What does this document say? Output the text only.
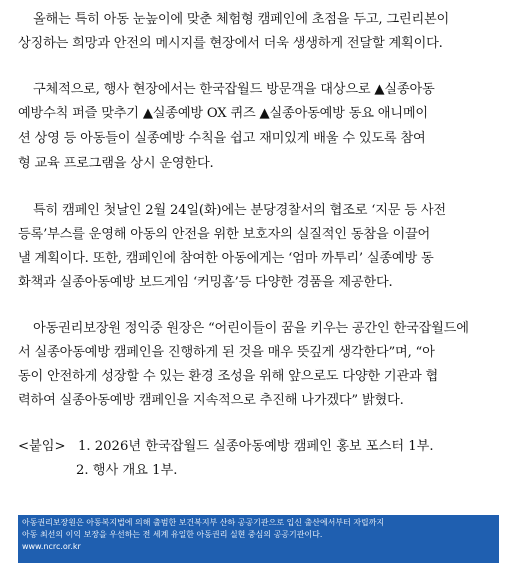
올해는 특히 아동 눈높이에 맞춘 체험형 캠페인에 초점을 두고, 그린리본이
상징하는 희망과 안전의 메시지를 현장에서 더욱 생생하게 전달할 계획이다.
구체적으로, 행사 현장에서는 한국잡월드 방문객을 대상으로 ▲실종아동
예방수칙 퍼즐 맞추기 ▲실종예방 OX 퀴즈 ▲실종아동예방 동요 애니메이
션 상영 등 아동들이 실종예방 수칙을 쉽고 재미있게 배울 수 있도록 참여
형 교육 프로그램을 상시 운영한다.
특히 캠페인 첫날인 2월 24일(화)에는 분당경찰서의 협조로 ‘지문 등 사전
등록’부스를 운영해 아동의 안전을 위한 보호자의 실질적인 동참을 이끌어
낼 계획이다. 또한, 캠페인에 참여한 아동에게는 ‘엄마 까투리’ 실종예방 동
화책과 실종아동예방 보드게임 ‘커밍홈’등 다양한 경품을 제공한다.
아동권리보장원 정익중 원장은 “어린이들이 꿈을 키우는 공간인 한국잡월드에
서 실종아동예방 캠페인을 진행하게 된 것을 매우 뜻깊게 생각한다”며, “아
동이 안전하게 성장할 수 있는 환경 조성을 위해 앞으로도 다양한 기관과 협
력하여 실종아동예방 캠페인을 지속적으로 추진해 나가겠다” 밝혔다.
<붙임> 1. 2026년 한국잡월드 실종아동예방 캠페인 홍보 포스터 1부.
2. 행사 개요 1부.
아동권리보장원은 아동복지법에 의해 출범한 보건복지부 산하 공공기관으로 입신 출산에서부터 자립까지
아동 최선의 이익 보장을 우선하는 전 세계 유일한 아동권리 실현 중심의 공공기관이다.
www.ncrc.or.kr
